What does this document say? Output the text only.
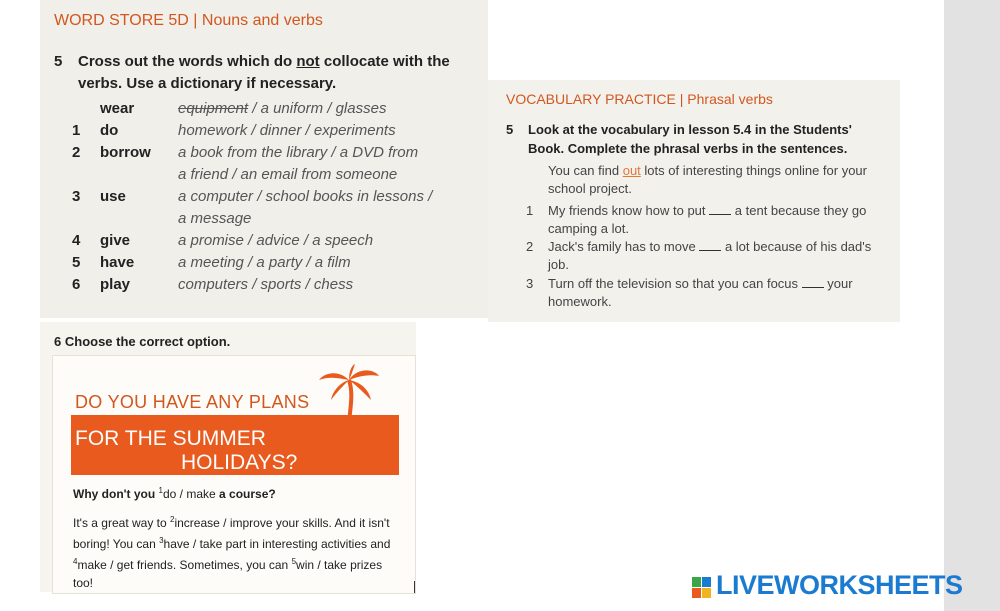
WORD STORE 5D | Nouns and verbs
5	Cross out the words which do not collocate with the verbs. Use a dictionary if necessary.
wear	equipment / a uniform / glasses
1	do	homework / dinner / experiments
2	borrow a book from the library / a DVD from
a friend / an email from someone
3	use	a computer / school books in lessons /
a message
4	give	a promise / advice / a speech
5	have	a meeting / a party / a film
6	play	computers / sports / chess
VOCABULARY PRACTICE | Phrasal verbs
5	Look at the vocabulary in lesson 5.4 in the Students' Book. Complete the phrasal verbs in the sentences.
You can find out lots of interesting things online for your school project.
1	My friends know how to put a tent because they go camping a lot.
2	Jack's family has to move a lot because of his dad's job.
3	Turn off the television so that you can focus your homework.
6 Choose the correct option.
DO YOU HAVE ANY PLANS
FOR THE SUMMER
HOLIDAYS?
Why don't you $^1$do / make a course?
It's a great way to $^2$increase / improve your skills. And it isn't boring! You can $^3$have / take part in interesting activities and $^4$make / get friends. Sometimes, you can $^5$win / take prizes too!	LIVEWORKSHEETS
